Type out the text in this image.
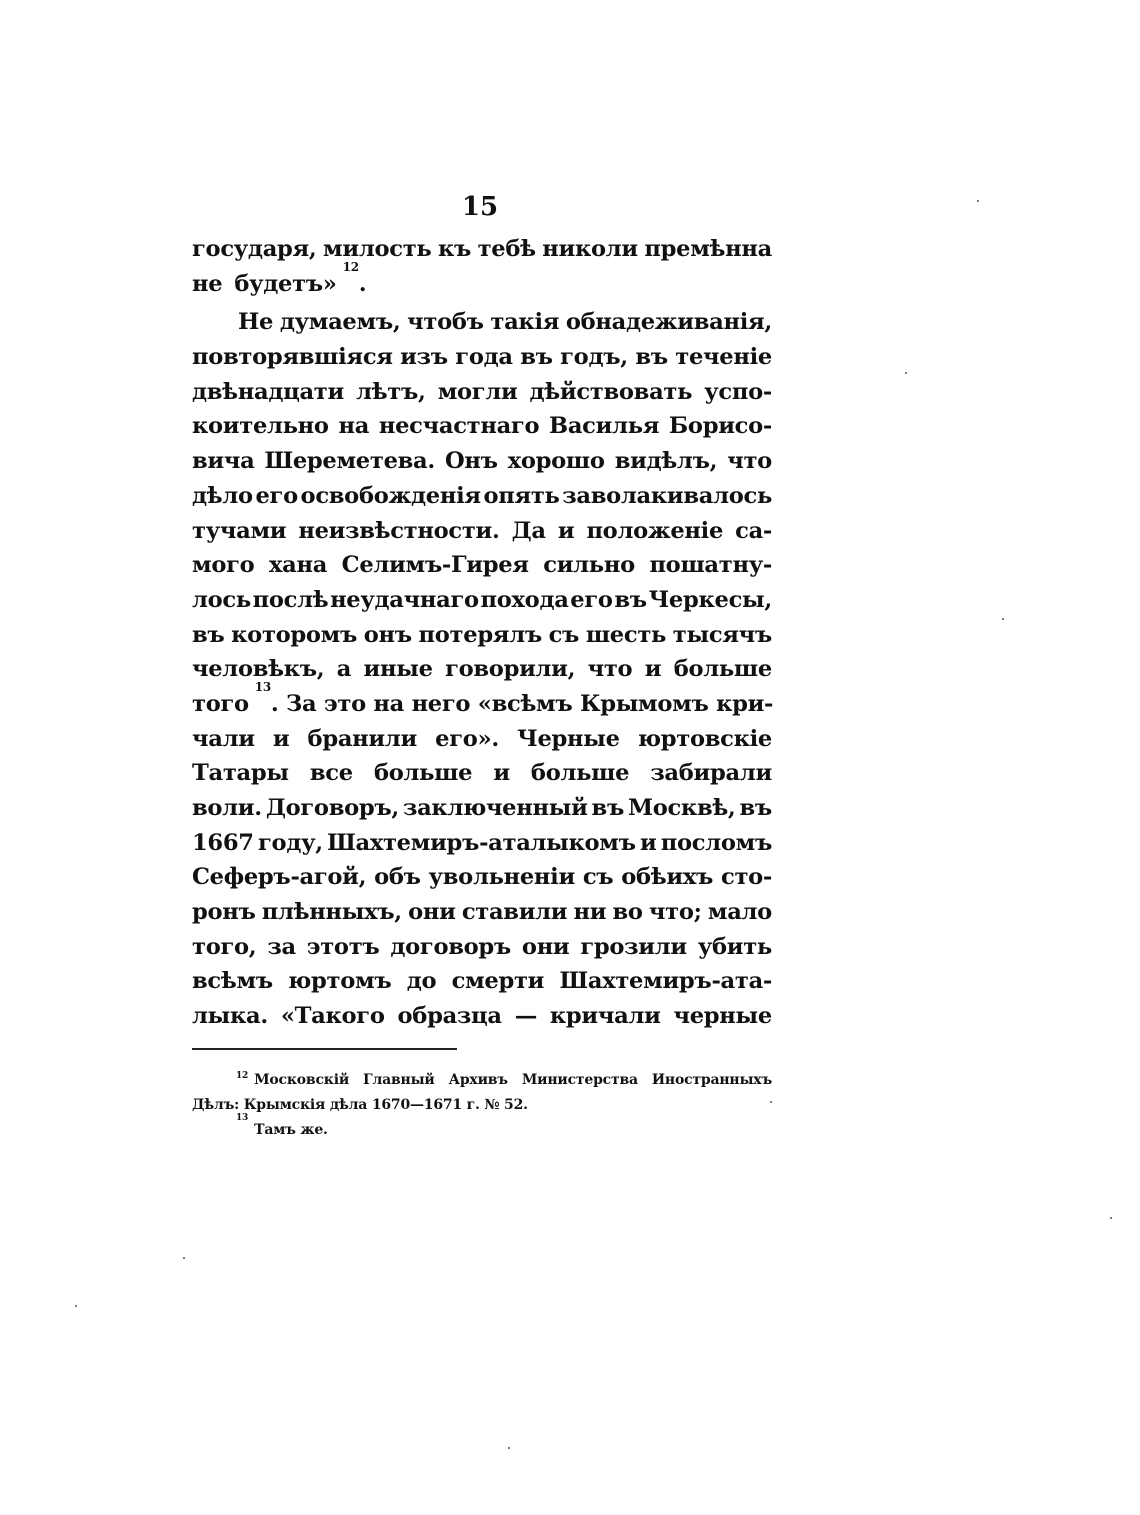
15
государя, милость къ тебѣ николи премѣнна
не будетъ»
12
.
Не думаемъ, чтобъ такія обнадеживанія,
повторявшіяся изъ года въ годъ, въ теченіе
двѣнадцати лѣтъ, могли дѣйствовать успо-
коительно на несчастнаго Василья Борисо-
вича Шереметева. Онъ хорошо видѣлъ, что
дѣло его освобожденія опять заволакивалось
тучами неизвѣстности. Да и положеніе са-
мого хана Селимъ-Гирея сильно пошатну-
лось послѣ неудачнаго похода его въ Черкесы,
въ которомъ онъ потерялъ съ шесть тысячъ
человѣкъ, а иные говорили, что и больше
того
13
. За это на него «всѣмъ Крымомъ кри-
чали и бранили его». Черные юртовскіе
Татары все больше и больше забирали
воли. Договоръ, заключенный въ Москвѣ, въ
1667 году, Шахтемиръ-аталыкомъ и посломъ
Сеферъ-агой, объ увольненіи съ обѣихъ сто-
ронъ плѣнныхъ, они ставили ни во что; мало
того, за этотъ договоръ они грозили убить
всѣмъ юртомъ до смерти Шахтемиръ-ата-
лыка. «Такого образца — кричали черные
$^{12}$ Московскій Главный Архивъ Министерства Иностранныхъ
Дѣлъ: Крымскія дѣла 1670—1671 г. № 52.
13
Тамъ же.
